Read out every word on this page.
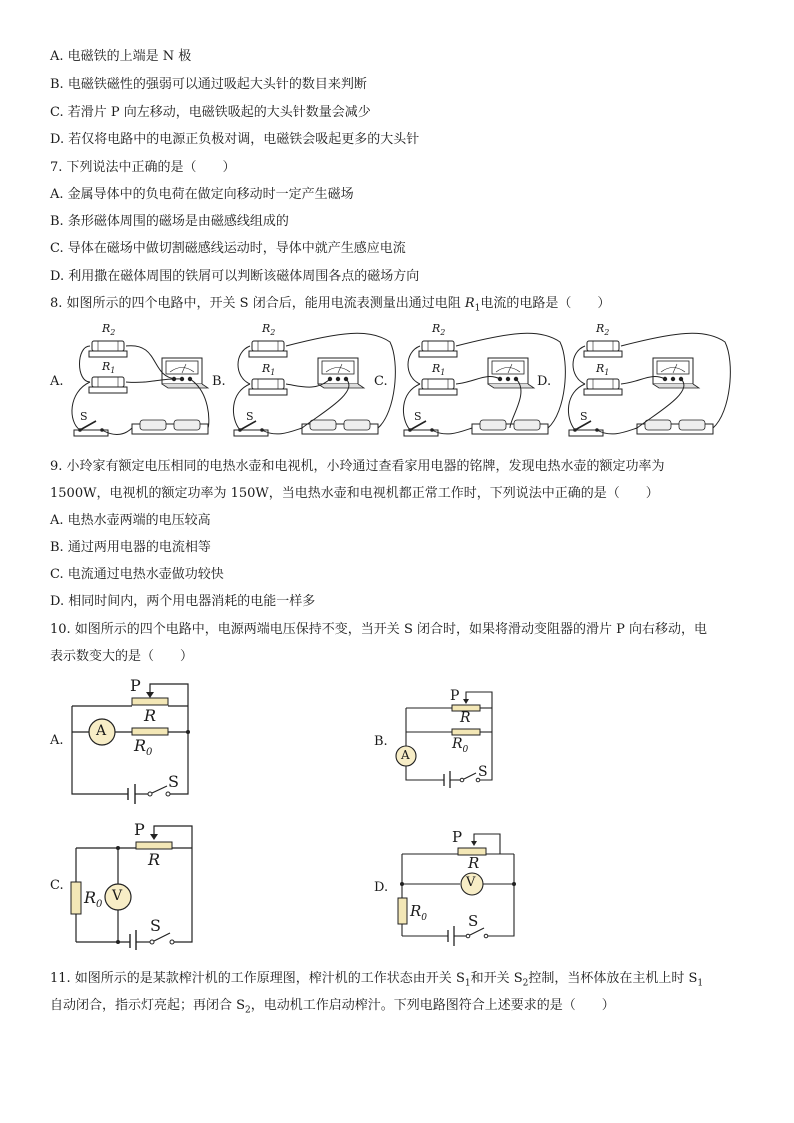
A. 电磁铁的上端是 N 极
B. 电磁铁磁性的强弱可以通过吸起大头针的数目来判断
C. 若滑片 P 向左移动，电磁铁吸起的大头针数量会减少
D. 若仅将电路中的电源正负极对调，电磁铁会吸起更多的大头针
7. 下列说法中正确的是（　　）
A. 金属导体中的负电荷在做定向移动时一定产生磁场
B. 条形磁体周围的磁场是由磁感线组成的
C. 导体在磁场中做切割磁感线运动时，导体中就产生感应电流
D. 利用撒在磁体周围的铁屑可以判断该磁体周围各点的磁场方向
8. 如图所示的四个电路中，开关 S 闭合后，能用电流表测量出通过电阻 $R_1$电流的电路是（　　）
A.	B.	C.	D.
$R_2$
$R_1$
S
$R_2$
$R_1$
S
$R_2$
$R_1$
S
$R_2$
$R_1$
S
9. 小玲家有额定电压相同的电热水壶和电视机，小玲通过查看家用电器的铭牌，发现电热水壶的额定功率为
1500W，电视机的额定功率为 150W，当电热水壶和电视机都正常工作时，下列说法中正确的是（　　）
A. 电热水壶两端的电压较高
B. 通过两用电器的电流相等
C. 电流通过电热水壶做功较快
D. 相同时间内，两个用电器消耗的电能一样多
10. 如图所示的四个电路中，电源两端电压保持不变，当开关 S 闭合时，如果将滑动变阻器的滑片 P 向右移动，电
表示数变大的是（　　）
A.
P
R
A
$R_0$
S
B.
P
R
A
$R_0$
S
C.
P
R
V
$R_0$
S
D.
P
R
V
$R_0$	S
11. 如图所示的是某款榨汁机的工作原理图，榨汁机的工作状态由开关 $S_1$和开关 $S_2$控制，当杯体放在主机上时 $S_1$
自动闭合，指示灯亮起；再闭合 $S_2$，电动机工作启动榨汁。下列电路图符合上述要求的是（　　）
